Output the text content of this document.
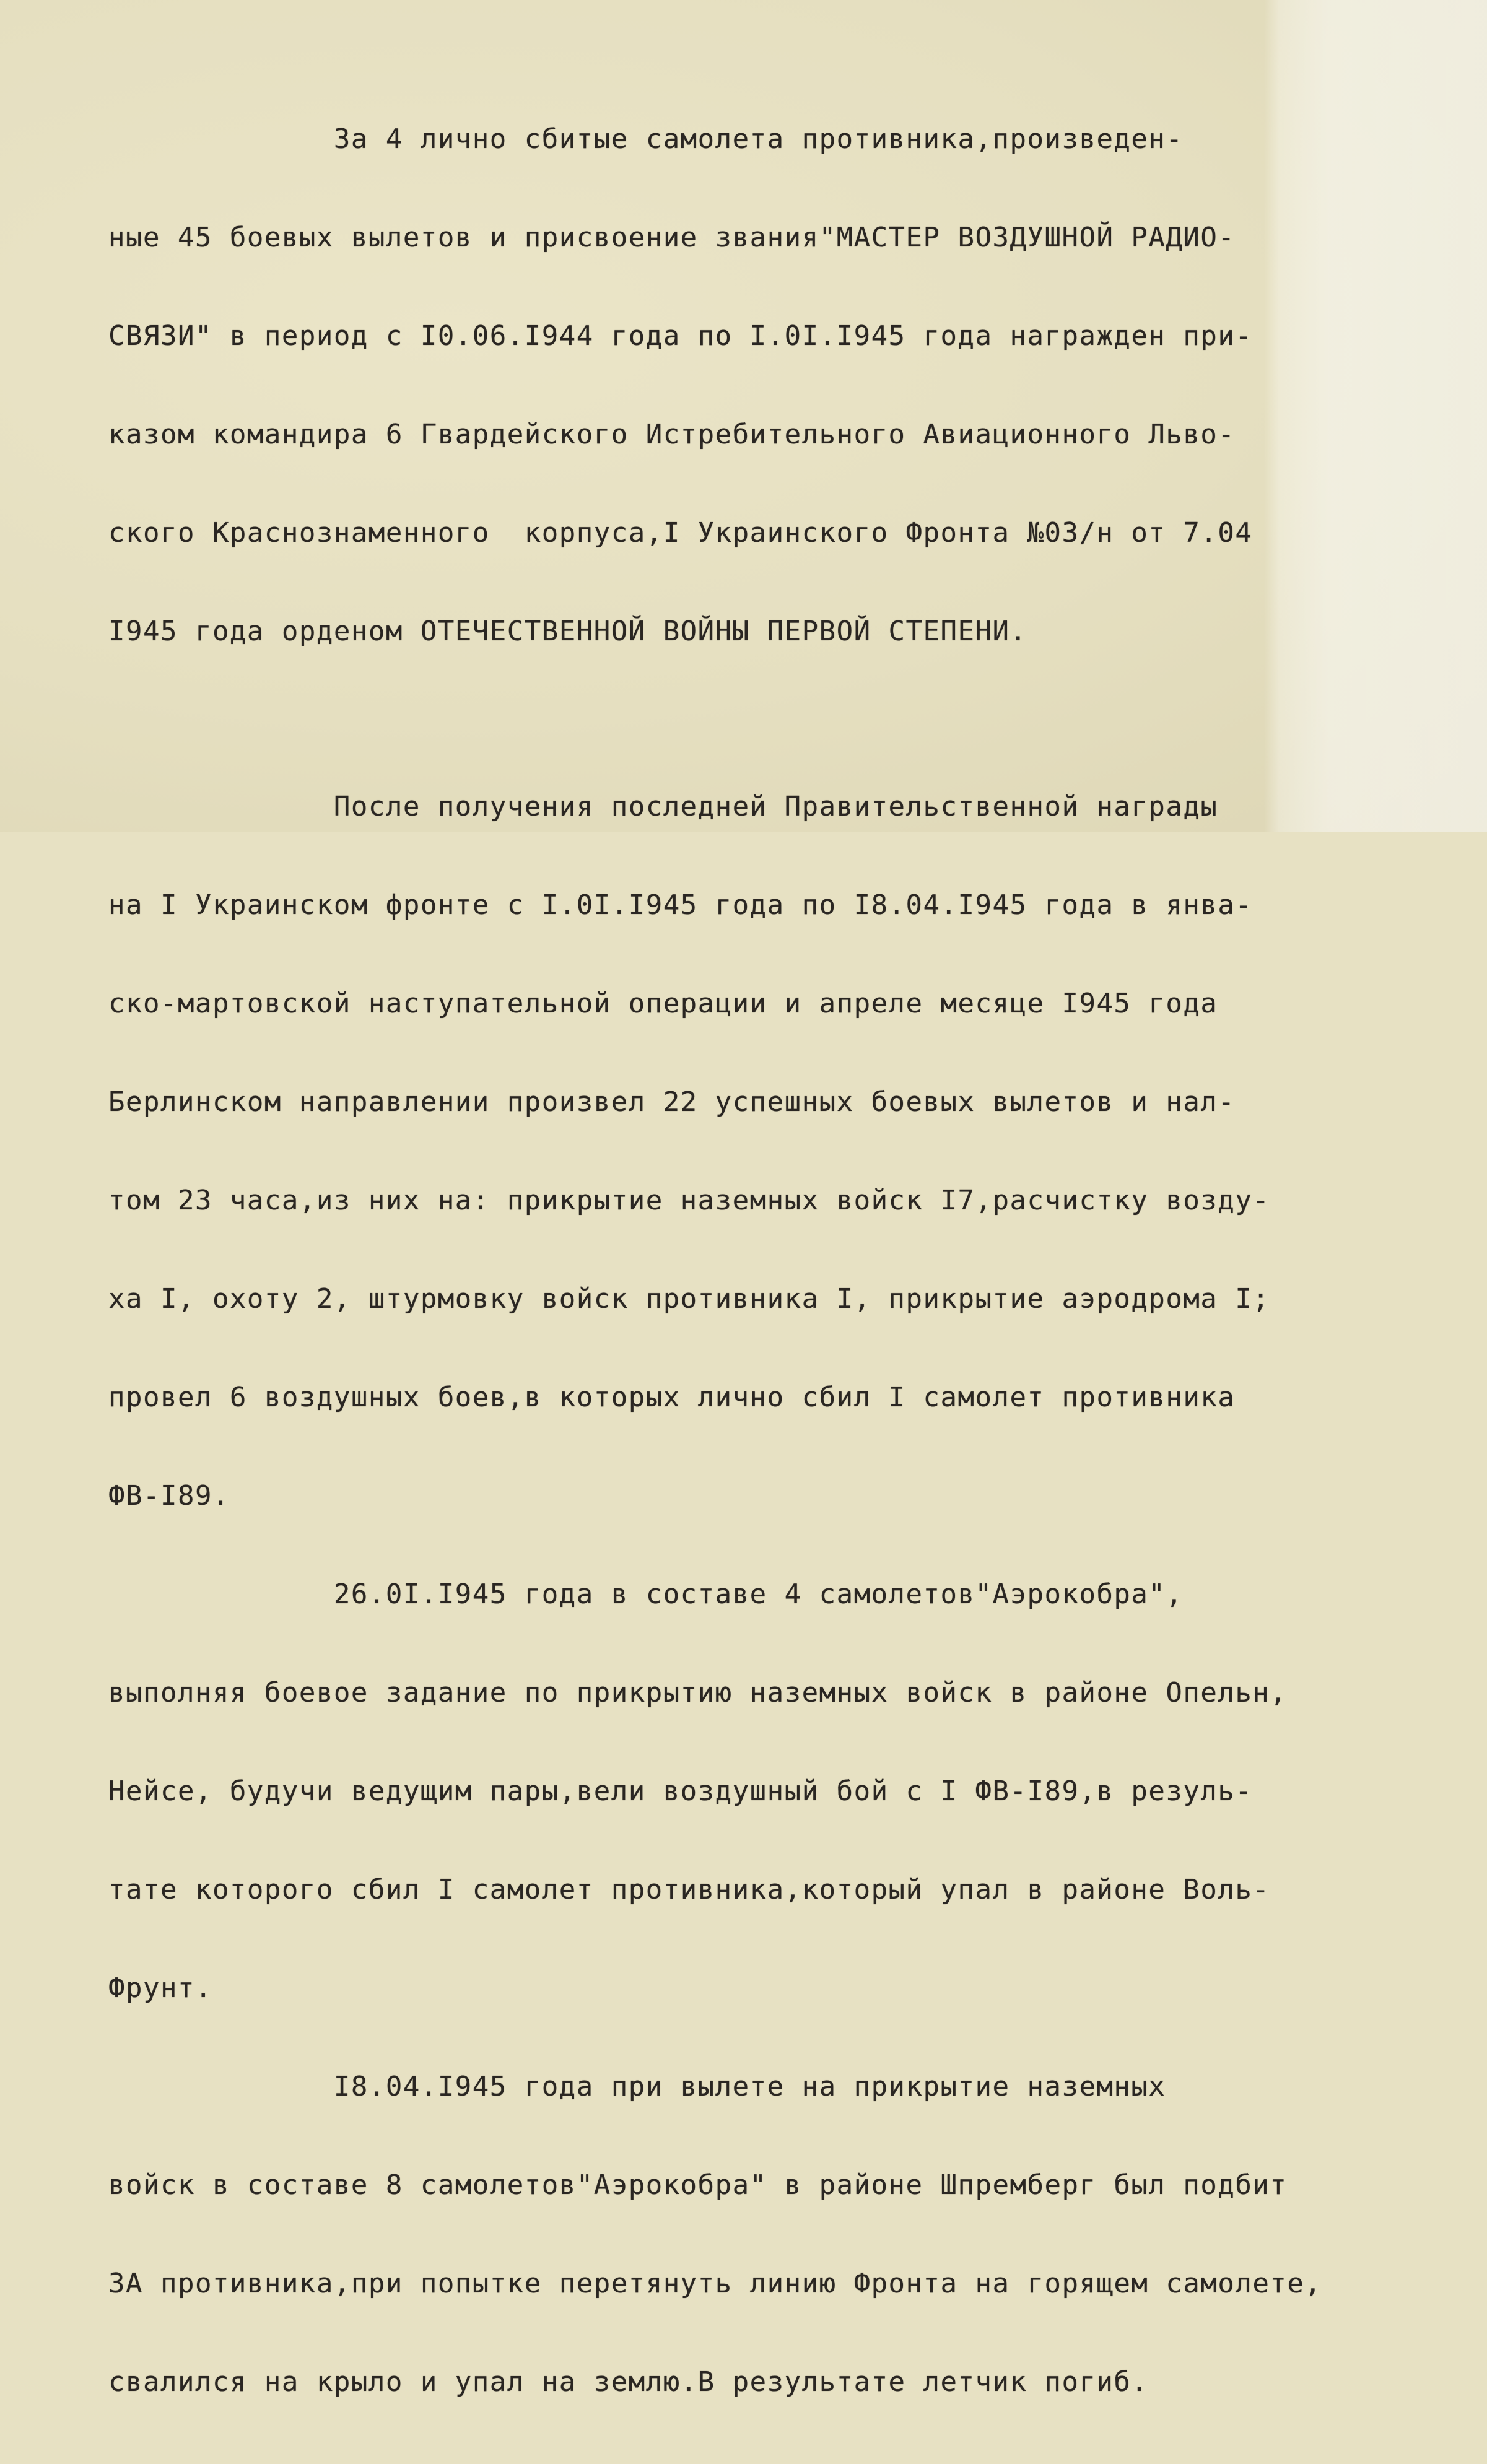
За 4 лично сбитые самолета противника,произведен-

ные 45 боевых вылетов и присвоение звания"МАСТЕР ВОЗДУШНОЙ РАДИО-

СВЯЗИ" в период с I0.06.I944 года по I.0I.I945 года награжден при-

казом командира 6 Гвардейского Истребительного Авиационного Льво-

ского Краснознаменного  корпуса,I Украинского Фронта №03/н от 7.04

I945 года орденом ОТЕЧЕСТВЕННОЙ ВОЙНЫ ПЕРВОЙ СТЕПЕНИ.

После получения последней Правительственной награды

на I Украинском фронте с I.0I.I945 года по I8.04.I945 года в янва-

ско-мартовской наступательной операции и апреле месяце I945 года

Берлинском направлении произвел 22 успешных боевых вылетов и нал-

том 23 часа,из них на: прикрытие наземных войск I7,расчистку возду-

ха I, охоту 2, штурмовку войск противника I, прикрытие аэродрома I;

провел 6 воздушных боев,в которых лично сбил I самолет противника

ФВ-I89.

26.0I.I945 года в составе 4 самолетов"Аэрокобра",

выполняя боевое задание по прикрытию наземных войск в районе Опельн,

Нейсе, будучи ведущим пары,вели воздушный бой с I ФВ-I89,в резуль-

тате которого сбил I самолет противника,который упал в районе Воль-

Фрунт.

I8.04.I945 года при вылете на прикрытие наземных

войск в составе 8 самолетов"Аэрокобра" в районе Шпремберг был подбит

ЗА противника,при попытке перетянуть линию Фронта на горящем самолете,

свалился на крыло и упал на землю.В результате летчик погиб.
